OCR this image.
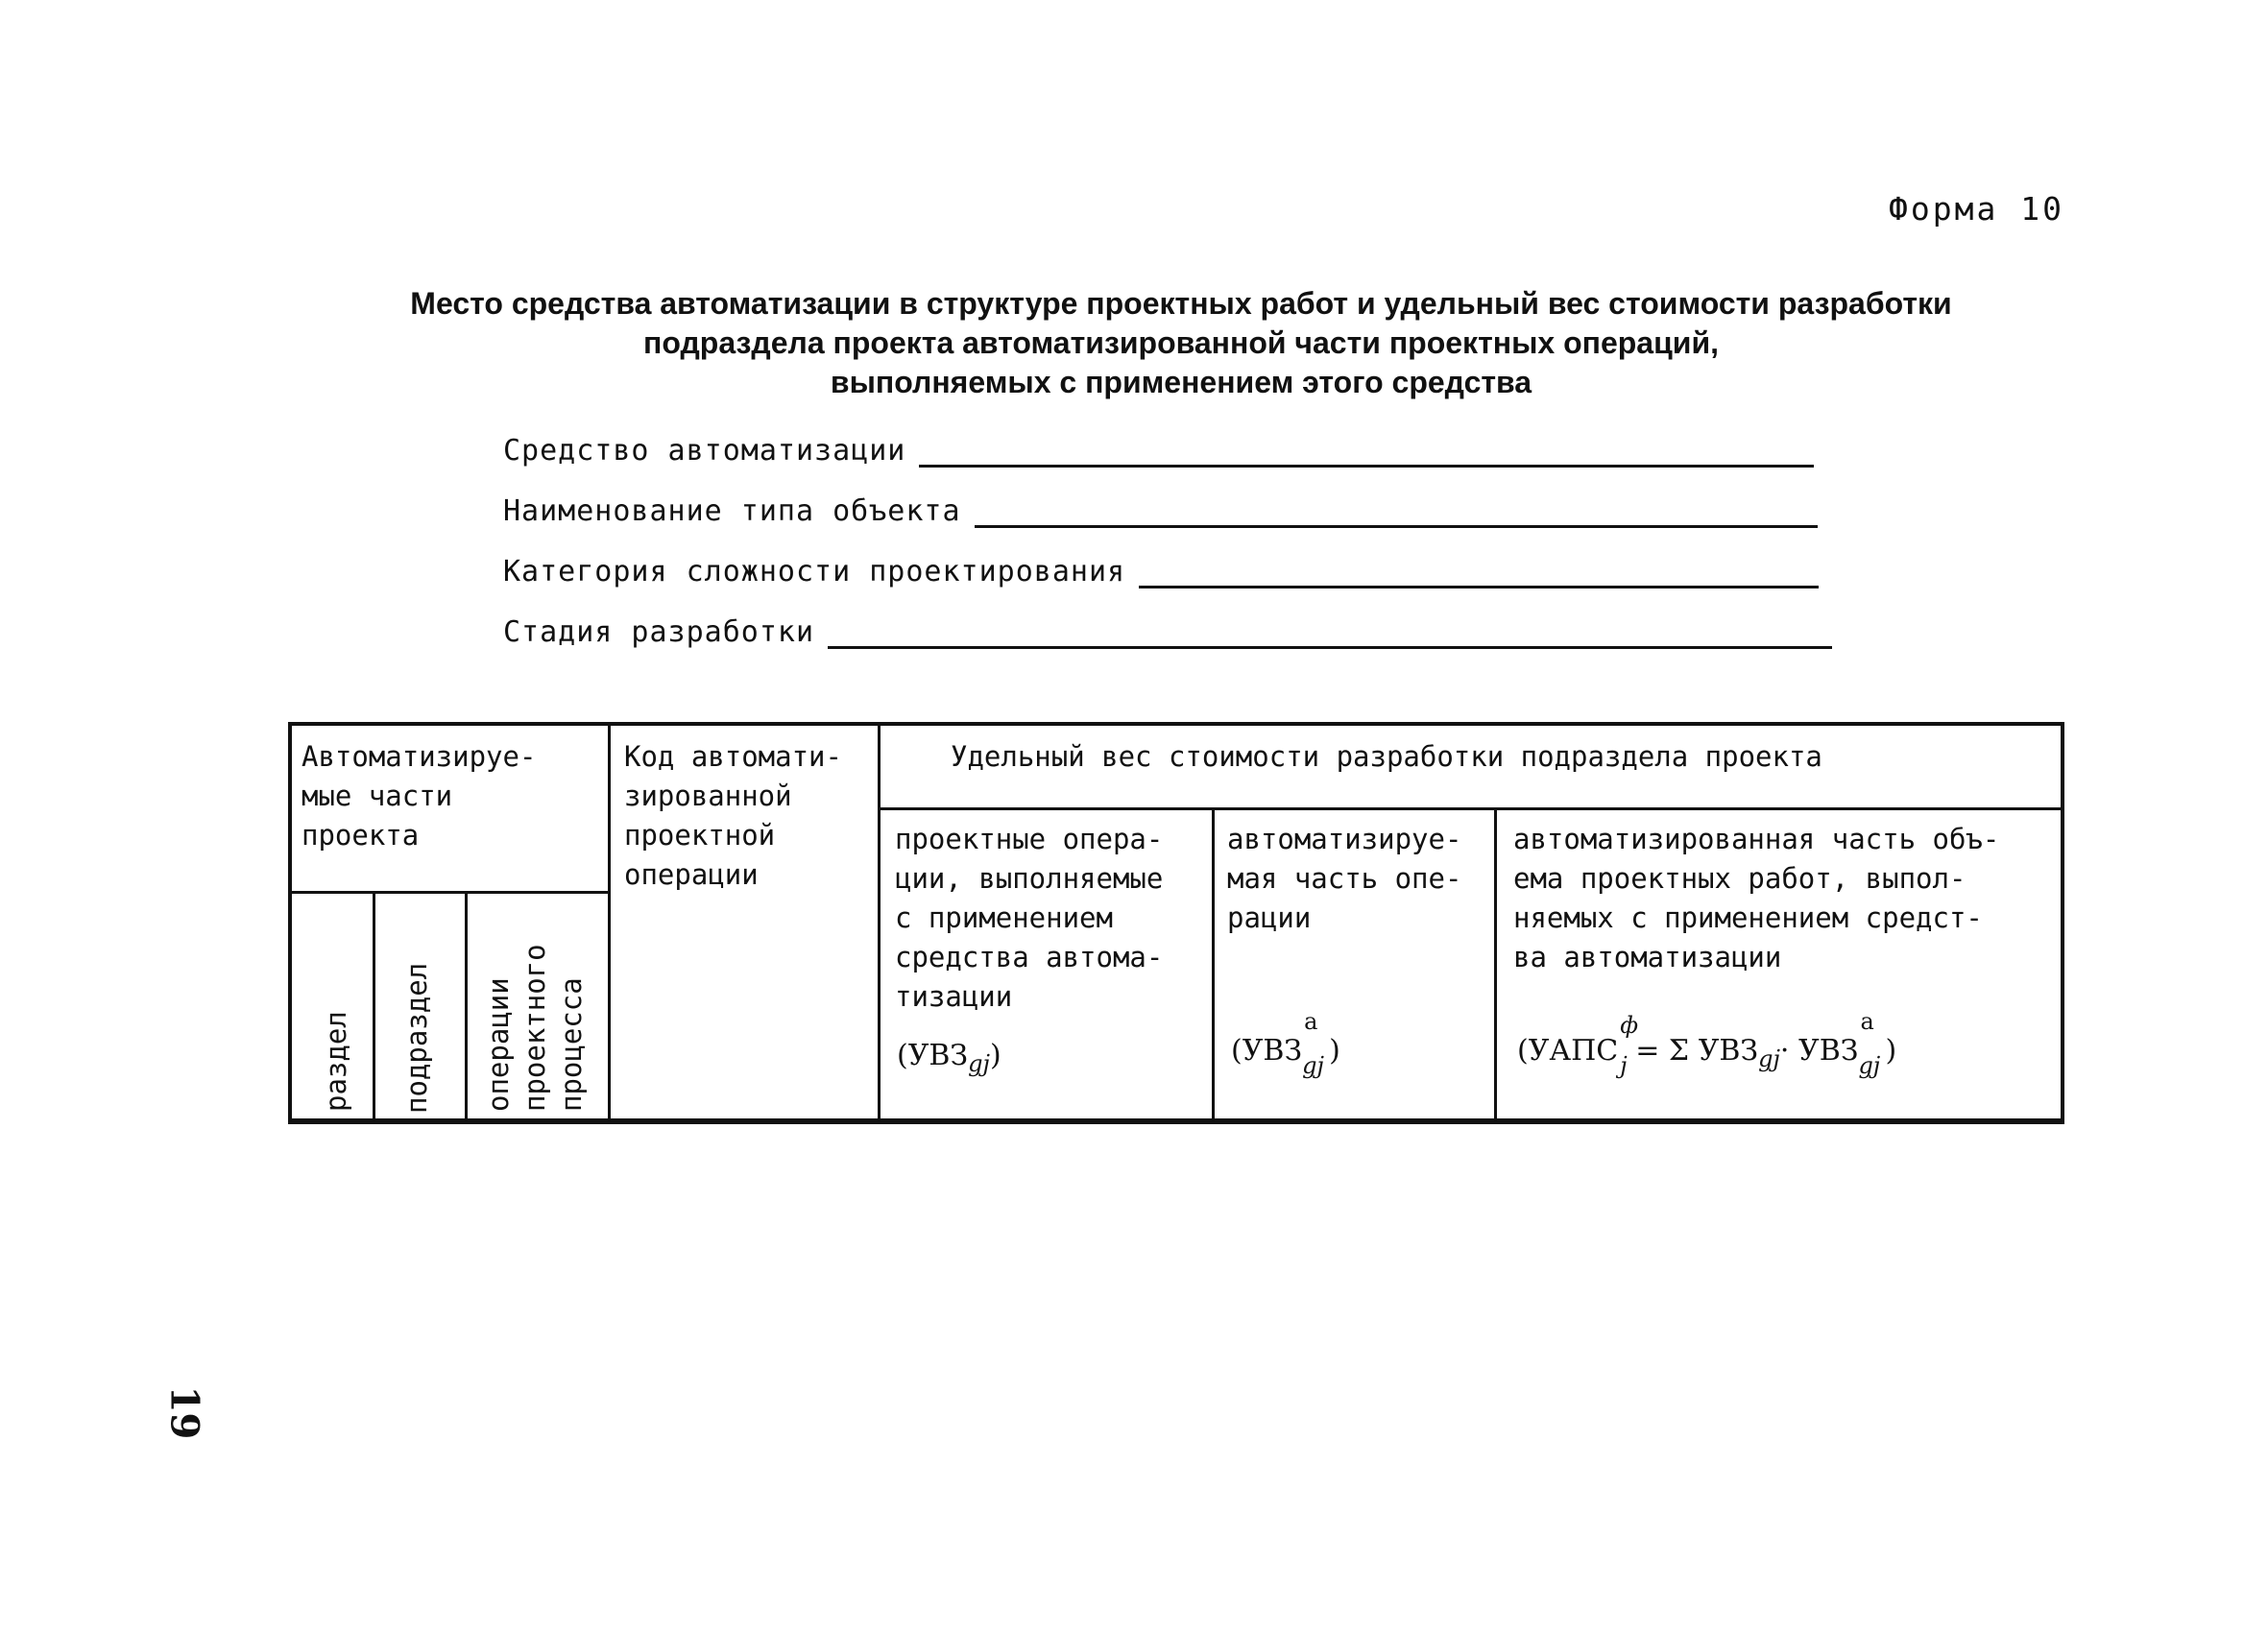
Форма 10
Место средства автоматизации в структуре проектных работ и удельный вес стоимости разработки
подраздела проекта автоматизированной части проектных операций,
выполняемых с применением этого средства
Средство автоматизации
Наименование типа объекта
Категория сложности проектирования
Стадия разработки
Автоматизируе-
мые части
проекта
раздел подраздел операции
проектного
процесса
Код автомати-
зированной
проектной
операции
Удельный вес стоимости разработки подраздела проекта
проектные опера-
ции, выполняемые
с применением
средства автома-
тизации
$(УВЗ_{gj})$
автоматизируе-
мая часть опе-
рации
(УВЗ
а
gj )
автоматизированная часть объ-
ема проектных работ, выпол-
няемых с применением средст-
ва автоматизации
(УАПС
ф
j = Σ $УВЗ_{gj}\cdot$ УВЗ
а
gj )
19
